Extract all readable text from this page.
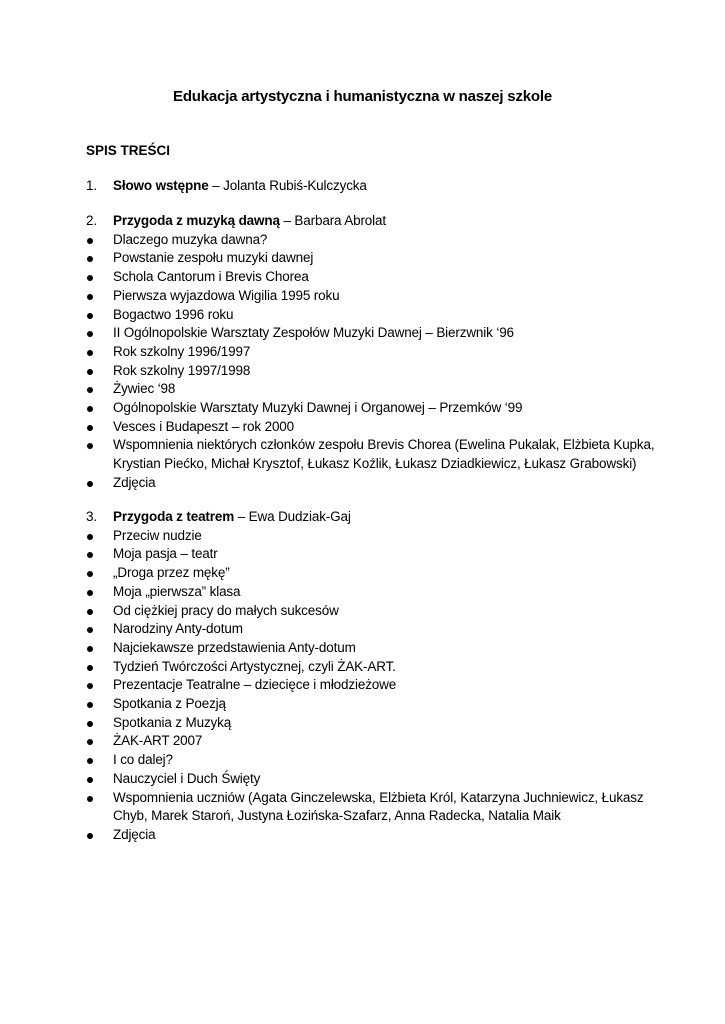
Edukacja artystyczna i humanistyczna w naszej szkole
SPIS TREŚCI
1. Słowo wstępne – Jolanta Rubiś-Kulczycka
2. Przygoda z muzyką dawną – Barbara Abrolat
Dlaczego muzyka dawna?
Powstanie zespołu muzyki dawnej
Schola Cantorum i Brevis Chorea
Pierwsza wyjazdowa Wigilia 1995 roku
Bogactwo 1996 roku
II Ogólnopolskie Warsztaty Zespołów Muzyki Dawnej – Bierzwnik ‘96
Rok szkolny 1996/1997
Rok szkolny 1997/1998
Żywiec ‘98
Ogólnopolskie Warsztaty Muzyki Dawnej i Organowej – Przemków ‘99
Vesces i Budapeszt – rok 2000
Wspomnienia niektórych członków zespołu Brevis Chorea (Ewelina Pukalak, Elżbieta Kupka, Krystian Piećko, Michał Krysztof, Łukasz Koźlik, Łukasz Dziadkiewicz, Łukasz Grabowski)
Zdjęcia
3. Przygoda z teatrem – Ewa Dudziak-Gaj
Przeciw nudzie
Moja pasja – teatr
„Droga przez mękę”
Moja „pierwsza” klasa
Od ciężkiej pracy do małych sukcesów
Narodziny Anty-dotum
Najciekawsze przedstawienia Anty-dotum
Tydzień Twórczości Artystycznej, czyli ŻAK-ART.
Prezentacje Teatralne – dziecięce i młodzieżowe
Spotkania z Poezją
Spotkania z Muzyką
ŻAK-ART 2007
I co dalej?
Nauczyciel i Duch Święty
Wspomnienia uczniów (Agata Ginczelewska, Elżbieta Król, Katarzyna Juchniewicz, Łukasz Chyb, Marek Staroń, Justyna Łozińska-Szafarz, Anna Radecka, Natalia Maik
Zdjęcia
